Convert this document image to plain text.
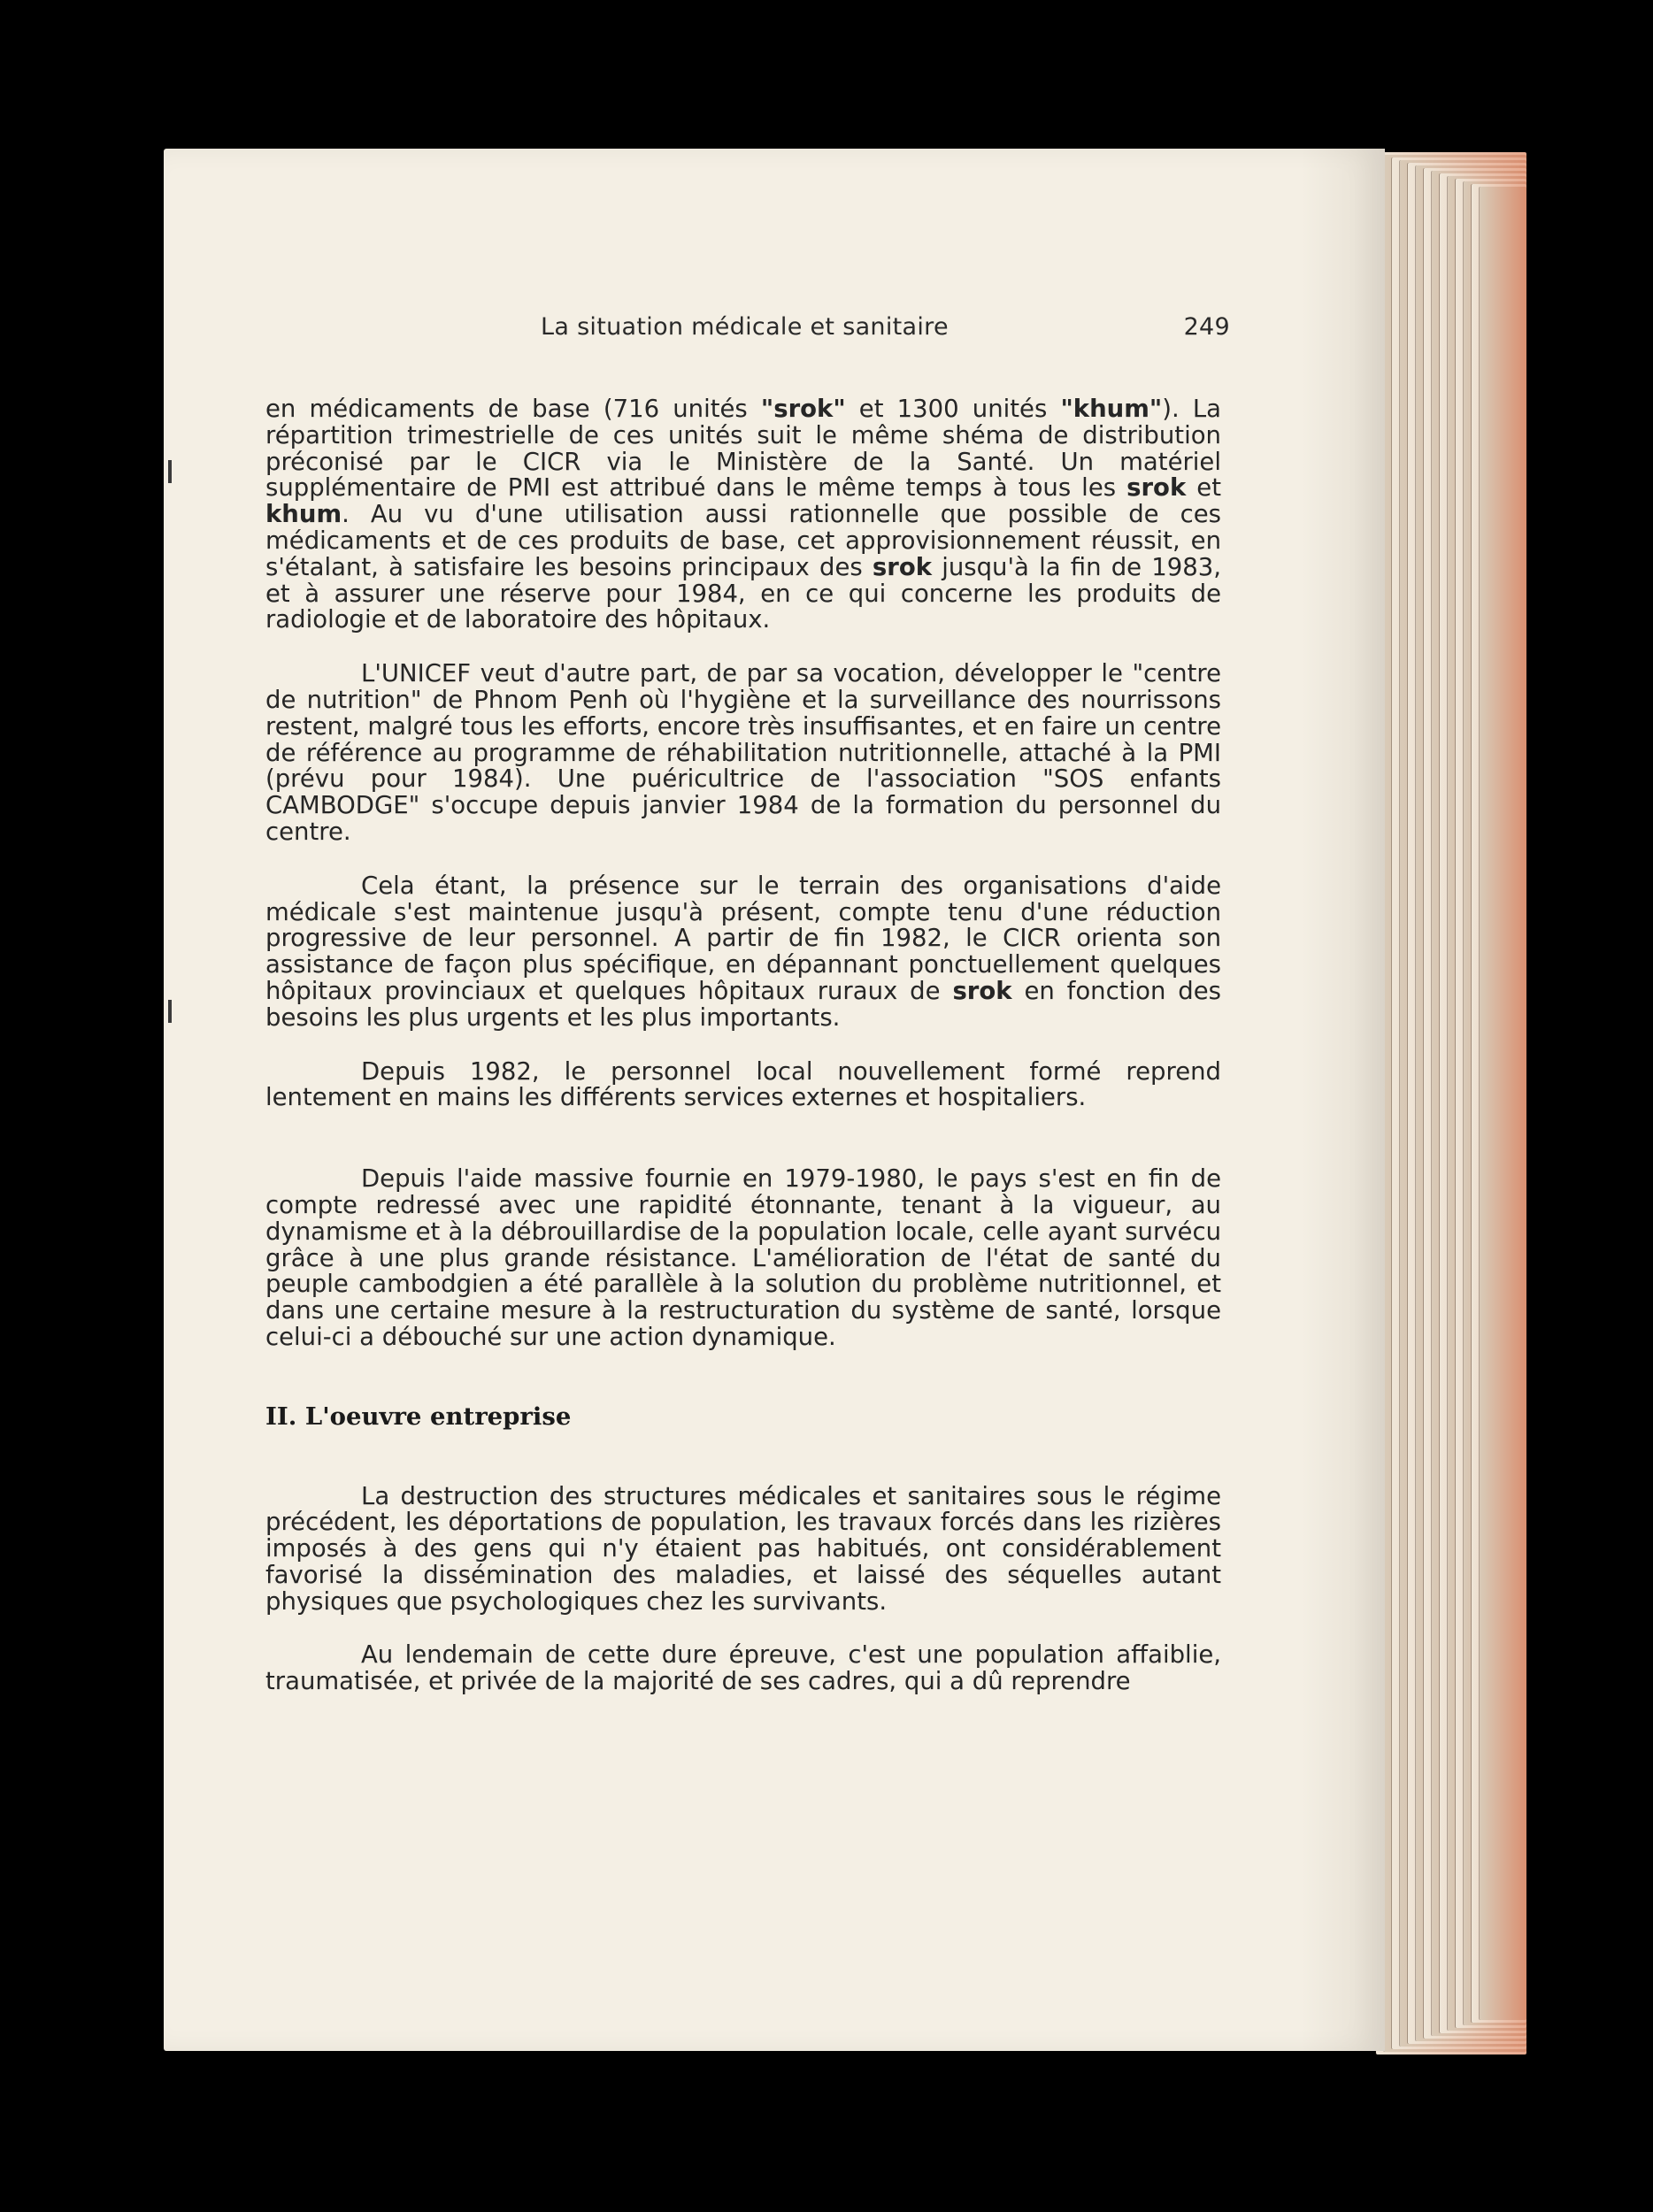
La situation médicale et sanitaire	249

en médicaments de base (716 unités "srok" et 1300 unités "khum"). La répartition trimestrielle de ces unités suit le même shéma de distribution préconisé par le CICR via le Ministère de la Santé. Un matériel supplémentaire de PMI est attribué dans le même temps à tous les srok et khum. Au vu d'une utilisation aussi rationnelle que possible de ces médicaments et de ces produits de base, cet approvisionnement réussit, en s'étalant, à satisfaire les besoins principaux des srok jusqu'à la fin de 1983, et à assurer une réserve pour 1984, en ce qui concerne les produits de radiologie et de laboratoire des hôpitaux.

L'UNICEF veut d'autre part, de par sa vocation, développer le "centre de nutrition" de Phnom Penh où l'hygiène et la surveillance des nourrissons restent, malgré tous les efforts, encore très insuffisantes, et en faire un centre de référence au programme de réhabilitation nutritionnelle, attaché à la PMI (prévu pour 1984). Une puéricultrice de l'association "SOS enfants CAMBODGE" s'occupe depuis janvier 1984 de la formation du personnel du centre.

Cela étant, la présence sur le terrain des organisations d'aide médicale s'est maintenue jusqu'à présent, compte tenu d'une réduction progressive de leur personnel. A partir de fin 1982, le CICR orienta son assistance de façon plus spécifique, en dépannant ponctuellement quelques hôpitaux provinciaux et quelques hôpitaux ruraux de srok en fonction des besoins les plus urgents et les plus importants.

Depuis 1982, le personnel local nouvellement formé reprend lentement en mains les différents services externes et hospitaliers.

Depuis l'aide massive fournie en 1979-1980, le pays s'est en fin de compte redressé avec une rapidité étonnante, tenant à la vigueur, au dynamisme et à la débrouillardise de la population locale, celle ayant survécu grâce à une plus grande résistance. L'amélioration de l'état de santé du peuple cambodgien a été parallèle à la solution du problème nutritionnel, et dans une certaine mesure à la restructuration du système de santé, lorsque celui-ci a débouché sur une action dynamique.

II. L'oeuvre entreprise

La destruction des structures médicales et sanitaires sous le régime précédent, les déportations de population, les travaux forcés dans les rizières imposés à des gens qui n'y étaient pas habitués, ont considérablement favorisé la dissémination des maladies, et laissé des séquelles autant physiques que psychologiques chez les survivants.

Au lendemain de cette dure épreuve, c'est une population affaiblie, traumatisée, et privée de la majorité de ses cadres, qui a dû reprendre
